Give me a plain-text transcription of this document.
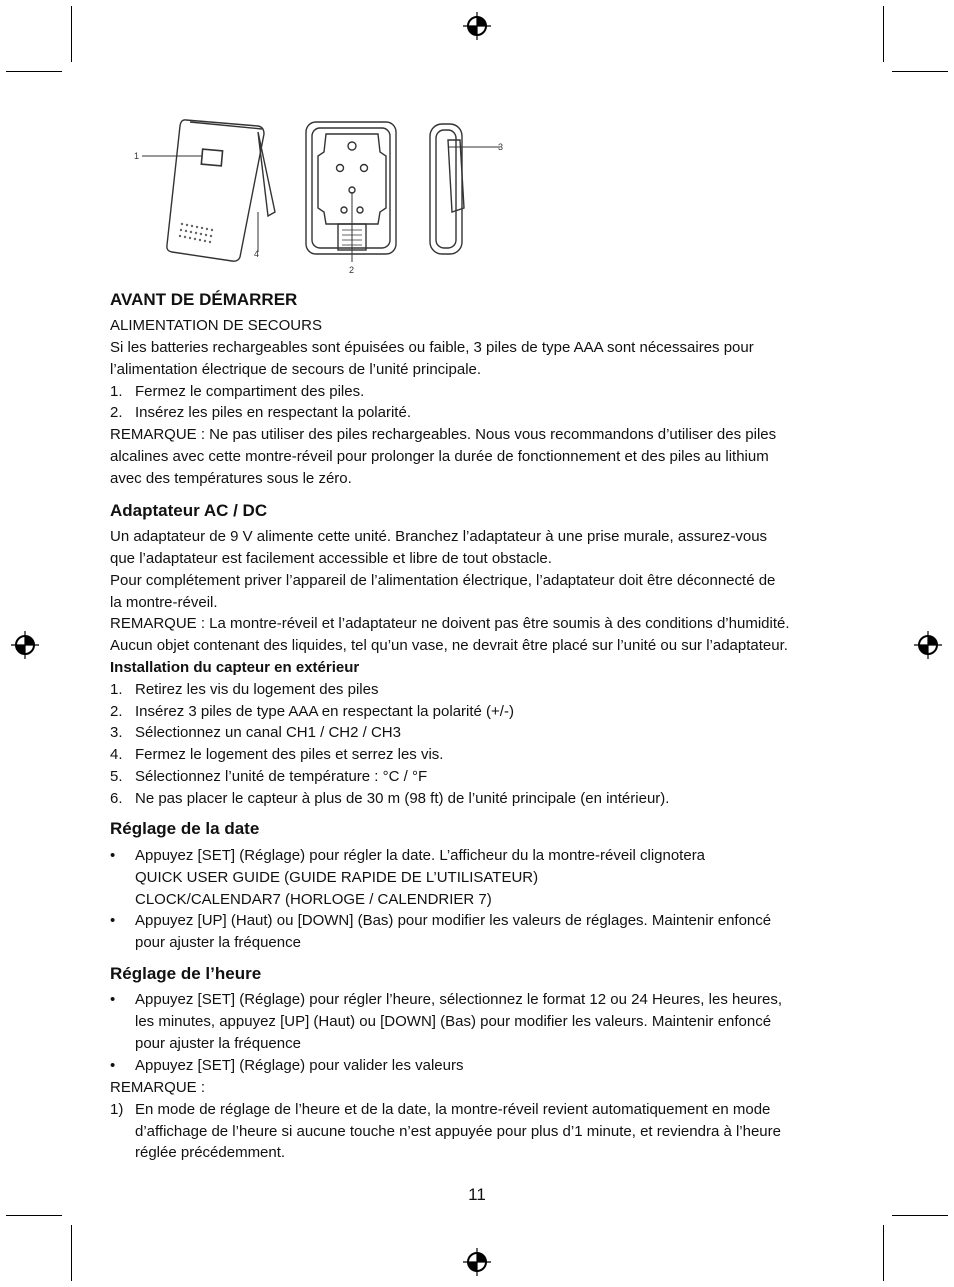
1
2
3
4
AVANT DE DÉMARRER
ALIMENTATION DE SECOURS
Si les batteries rechargeables sont épuisées ou faible, 3 piles de type AAA sont nécessaires pour
l’alimentation électrique de secours de l’unité principale.
1. Fermez le compartiment des piles.
2. Insérez les piles en respectant la polarité.
REMARQUE : Ne pas utiliser des piles rechargeables. Nous vous recommandons d’utiliser des piles
alcalines avec cette montre-réveil pour prolonger la durée de fonctionnement et des piles au lithium
avec des températures sous le zéro.
Adaptateur AC / DC
Un adaptateur de 9 V alimente cette unité. Branchez l’adaptateur à une prise murale, assurez-vous
que l’adaptateur est facilement accessible et libre de tout obstacle.
Pour complétement priver l’appareil de l’alimentation électrique, l’adaptateur doit être déconnecté de
la montre-réveil.
REMARQUE : La montre-réveil et l’adaptateur ne doivent pas être soumis à des conditions d’humidité.
Aucun objet contenant des liquides, tel qu’un vase, ne devrait être placé sur l’unité ou sur l’adaptateur.
Installation du capteur en extérieur
1. Retirez les vis du logement des piles
2. Insérez 3 piles de type AAA en respectant la polarité (+/-)
3. Sélectionnez un canal CH1 / CH2 / CH3
4. Fermez le logement des piles et serrez les vis.
5. Sélectionnez l’unité de température : °C / °F
6. Ne pas placer le capteur à plus de 30 m (98 ft) de l’unité principale (en intérieur).
Réglage de la date
• Appuyez [SET] (Réglage) pour régler la date. L’afficheur du la montre-réveil clignotera
QUICK USER GUIDE (GUIDE RAPIDE DE L’UTILISATEUR)
CLOCK/CALENDAR7 (HORLOGE / CALENDRIER 7)
• Appuyez [UP] (Haut) ou [DOWN] (Bas) pour modifier les valeurs de réglages. Maintenir enfoncé
pour ajuster la fréquence
Réglage de l’heure
• Appuyez [SET] (Réglage) pour régler l’heure, sélectionnez le format 12 ou 24 Heures, les heures,
les minutes, appuyez [UP] (Haut) ou [DOWN] (Bas) pour modifier les valeurs. Maintenir enfoncé
pour ajuster la fréquence
• Appuyez [SET] (Réglage) pour valider les valeurs
REMARQUE :
1) En mode de réglage de l’heure et de la date, la montre-réveil revient automatiquement en mode
d’affichage de l’heure si aucune touche n’est appuyée pour plus d’1 minute, et reviendra à l’heure
réglée précédemment.
11
